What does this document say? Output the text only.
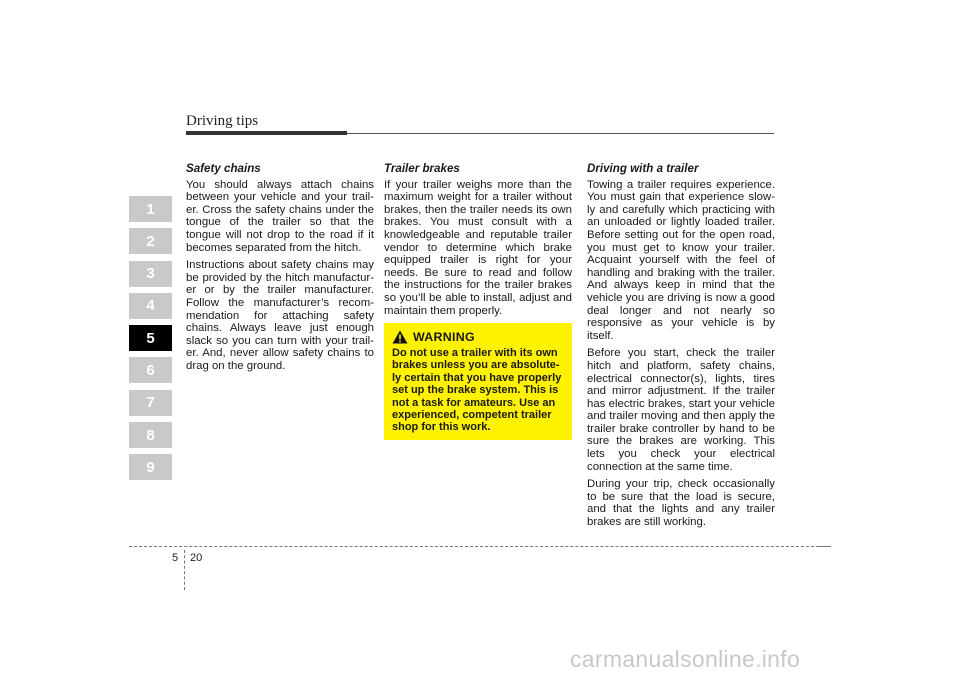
Driving tips
1
2
3
4
5
6
7
8
9
Safety chains

You should always attach chains between your vehicle and your trail-er. Cross the safety chains under the tongue of the trailer so that the tongue will not drop to the road if it becomes separated from the hitch.

Instructions about safety chains may be provided by the hitch manufactur-er or by the trailer manufacturer. Follow the manufacturer’s recom-mendation for attaching safety chains. Always leave just enough slack so you can turn with your trail-er. And, never allow safety chains to drag on the ground.

Trailer brakes

If your trailer weighs more than the maximum weight for a trailer without brakes, then the trailer needs its own brakes. You must consult with a knowledgeable and reputable trailer vendor to determine which brake equipped trailer is right for your needs. Be sure to read and follow the instructions for the trailer brakes so you’ll be able to install, adjust and maintain them properly.

WARNING

Do not use a trailer with its own brakes unless you are absolute-ly certain that you have properly set up the brake system. This is not a task for amateurs. Use an experienced, competent trailer shop for this work.

Driving with a trailer

Towing a trailer requires experience. You must gain that experience slow-ly and carefully which practicing with an unloaded or lightly loaded trailer. Before setting out for the open road, you must get to know your trailer. Acquaint yourself with the feel of handling and braking with the trailer. And always keep in mind that the vehicle you are driving is now a good deal longer and not nearly so responsive as your vehicle is by itself.

Before you start, check the trailer hitch and platform, safety chains, electrical connector(s), lights, tires and mirror adjustment. If the trailer has electric brakes, start your vehicle and trailer moving and then apply the trailer brake controller by hand to be sure the brakes are working. This lets you check your electrical connection at the same time.

During your trip, check occasionally to be sure that the load is secure, and that the lights and any trailer brakes are still working.

5 20
carmanualsonline.info
